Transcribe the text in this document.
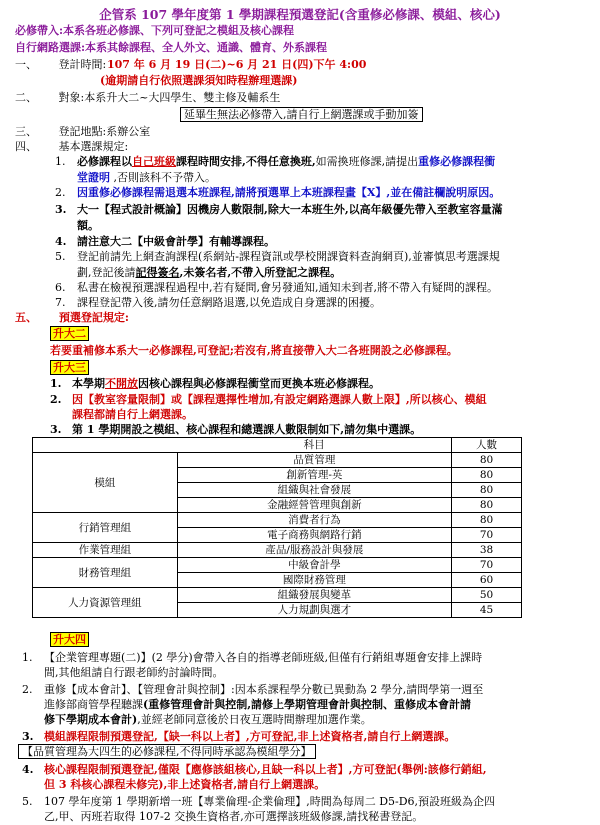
企管系 107 學年度第 1 學期課程預選登記(含重修必修課、模組、核心)
必修帶入:本系各班必修課、下列可登記之模組及核心課程
自行網路選課:本系其餘課程、全人外文、通識、體育、外系課程
一、 登計時間: 107 年 6 月 19 日(二)~6 月 21 日(四)下午 4:00
(逾期請自行依照選課須知時程辦理選課)
二、 對象:本系升大二~大四學生、雙主修及輔系生
延畢生無法必修帶入,請自行上網選課或手動加簽
三、 登記地點:系辦公室
四、 基本選課規定:
1. 必修課程以自己班級課程時間安排,不得任意換班,如需換班修課,請提出重修必修課程衝
堂證明 ,否則該科不予帶入。
2. 因重修必修課程需退選本班課程,請將預選單上本班課程畫【X】,並在備註欄說明原因。
3. 大一【程式設計概論】因機房人數限制,除大一本班生外,以高年級優先帶入至教室容量滿
額。
4. 請注意大二【中級會計學】有輔導課程。
5. 登記前請先上網查詢課程(系網站-課程資訊或學校開課資料查詢網頁),並審慎思考選課規
劃,登記後請記得簽名,未簽名者,不帶入所登記之課程。
6. 私書在檢視預選課程過程中,若有疑問,會另發通知,通知未到者,將不帶入有疑問的課程。
7. 課程登記帶入後,請勿任意網路退選,以免造成自身選課的困擾。
五、 預選登記規定:
升大二
若要重補修本系大一必修課程,可登記;若沒有,將直接帶入大二各班開設之必修課程。
升大三
1. 本學期不開放因核心課程與必修課程衝堂而更換本班必修課程。
2. 因【教室容量限制】或【課程選擇性增加,有設定網路選課人數上限】,所以核心、模組
課程都請自行上網選課。
3. 第 1 學期開設之模組、核心課程和總選課人數限制如下,請勿集中選課。
	科目	人數
模組	品質管理	80
	創新管理-英	80
	組織與社會發展	80
	金融經營管理與創新	80
行銷管理組	消費者行為	80
	電子商務與網路行銷	70
作業管理組	產品/服務設計與發展	38
財務管理組	中級會計學	70
	國際財務管理	60
人力資源管理組	組織發展與變革	50
	人力規劃與選才	45
升大四
1. 【企業管理專題(二)】(2 學分)會帶入各自的指導老師班級,但僅有行銷組專題會安排上課時
間,其他組請自行跟老師約討論時間。
2. 重修【成本會計】、【管理會計與控制】:因本系課程學分數已異動為 2 學分,請問學第一週至
進修部商管學程聽課(重修管理會計與控制,請修上學期管理會計與控制、重修成本會計請
修下學期成本會計),並經老師同意後於日夜互選時間辦理加選作業。
3. 模組課程限制預選登記,【缺一科以上者】,方可登記,非上述資格者,請自行上網選課。
【品質管理為大四生的必修課程,不得同時承認為模組學分】
4. 核心課程限制預選登記,僅限【應修該組核心,且缺一科以上者】,方可登記(舉例:該修行銷組,
但 3 科核心課程未修完),非上述資格者,請自行上網選課。
5. 107 學年度第 1 學期新增一班【專業倫理-企業倫理】,時間為每周二 D5-D6,預設班級為企四
乙,甲、丙班若取得 107-2 交換生資格者,亦可選擇該班級修課,請找秘書登記。
